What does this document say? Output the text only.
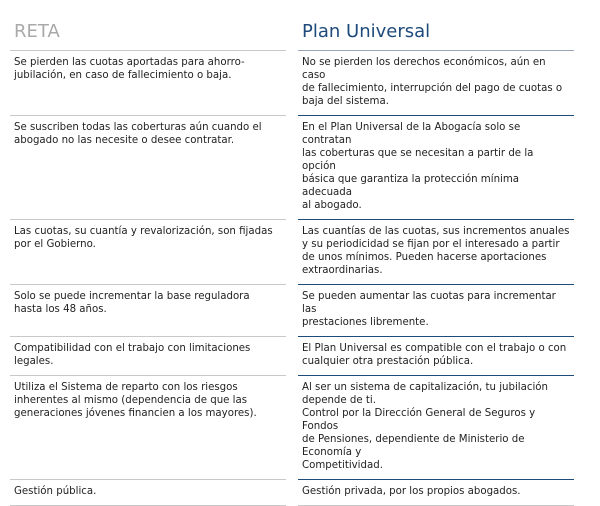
RETA	Plan Universal
Se pierden las cuotas aportadas para ahorro-
jubilación, en caso de fallecimiento o baja.
No se pierden los derechos económicos, aún en caso
de fallecimiento, interrupción del pago de cuotas o
baja del sistema.
Se suscriben todas las coberturas aún cuando el
abogado no las necesite o desee contratar.
En el Plan Universal de la Abogacía solo se contratan
las coberturas que se necesitan a partir de la opción
básica que garantiza la protección mínima adecuada
al abogado.
Las cuotas, su cuantía y revalorización, son fijadas
por el Gobierno.
Las cuantías de las cuotas, sus incrementos anuales
y su periodicidad se fijan por el interesado a partir
de unos mínimos. Pueden hacerse aportaciones
extraordinarias.
Solo se puede incrementar la base reguladora
hasta los 48 años.
Se pueden aumentar las cuotas para incrementar las
prestaciones libremente.
Compatibilidad con el trabajo con limitaciones
legales.
El Plan Universal es compatible con el trabajo o con
cualquier otra prestación pública.
Utiliza el Sistema de reparto con los riesgos
inherentes al mismo (dependencia de que las
generaciones jóvenes financien a los mayores).
Al ser un sistema de capitalización, tu jubilación
depende de ti.
Control por la Dirección General de Seguros y Fondos
de Pensiones, dependiente de Ministerio de Economía y
Competitividad.
Gestión pública.	Gestión privada, por los propios abogados.
